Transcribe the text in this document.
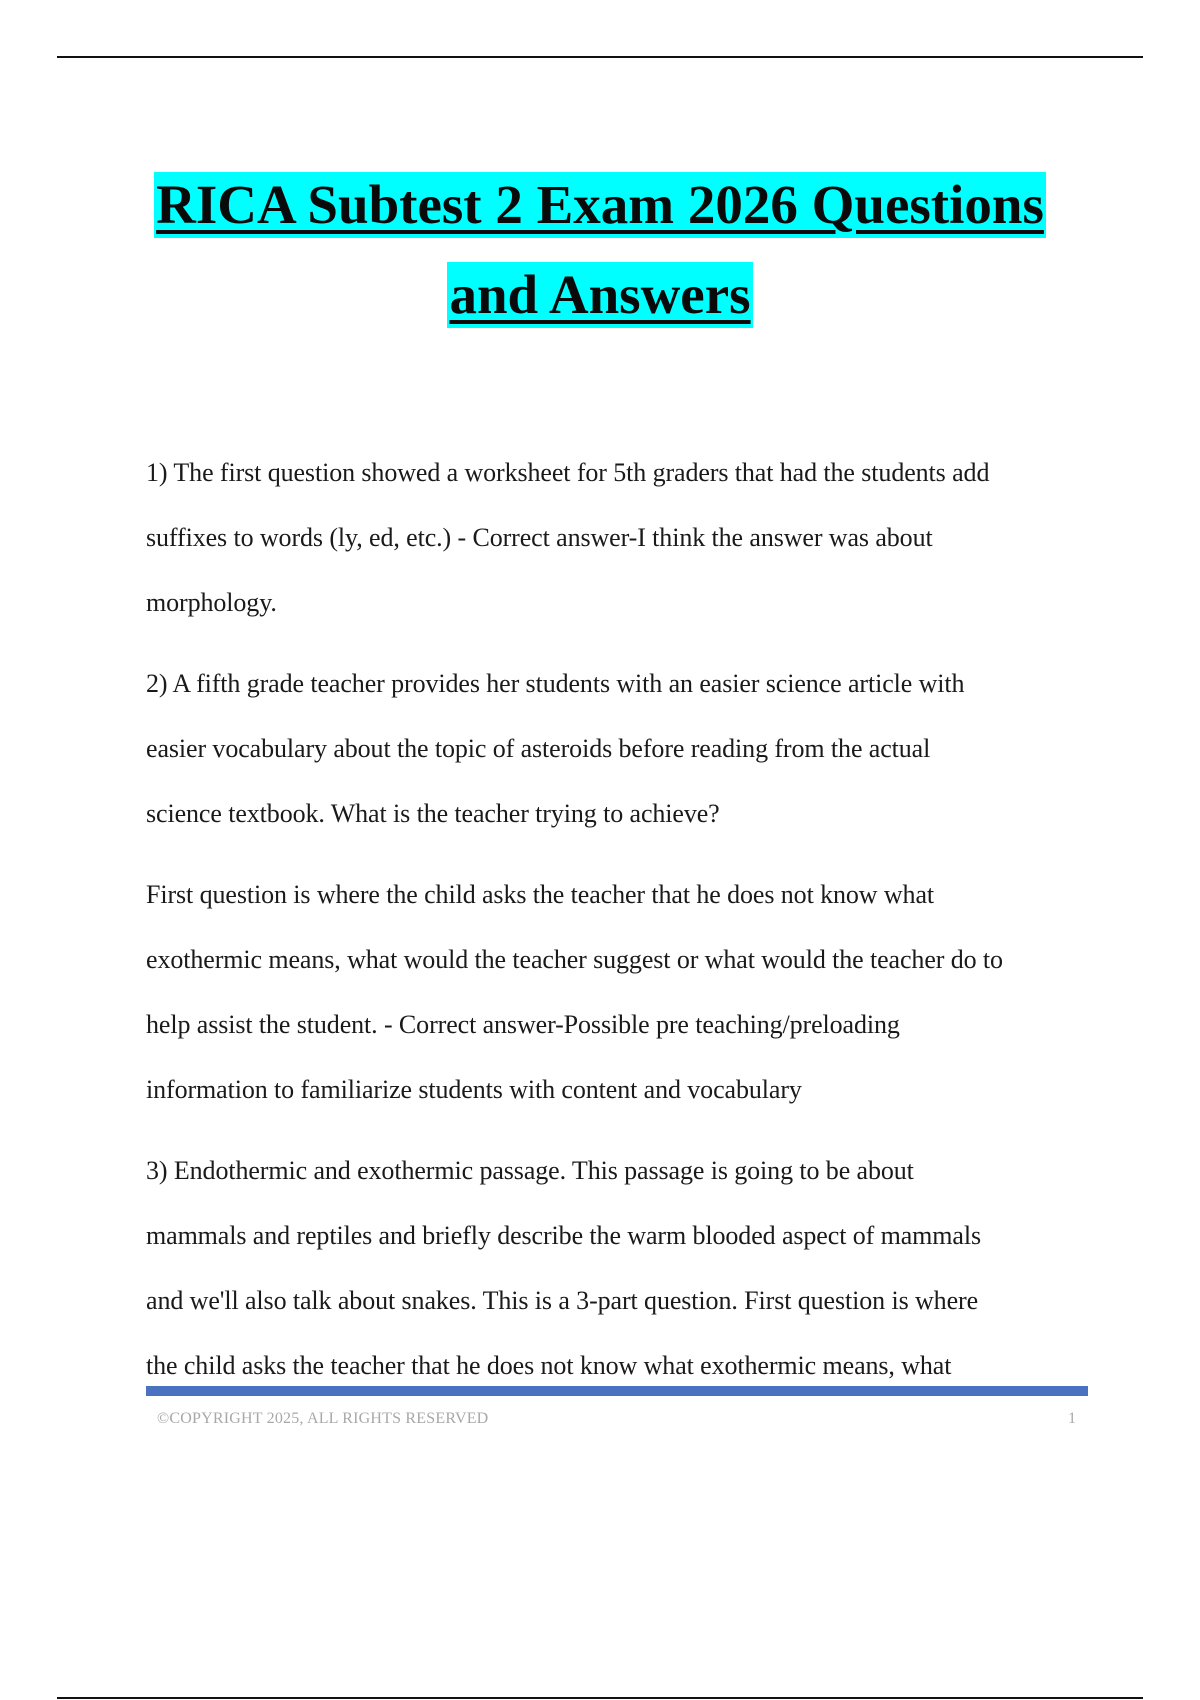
RICA Subtest 2 Exam 2026 Questions
and Answers

1) The first question showed a worksheet for 5th graders that had the students add
suffixes to words (ly, ed, etc.) - Correct answer-I think the answer was about
morphology.

2) A fifth grade teacher provides her students with an easier science article with
easier vocabulary about the topic of asteroids before reading from the actual
science textbook. What is the teacher trying to achieve?

First question is where the child asks the teacher that he does not know what
exothermic means, what would the teacher suggest or what would the teacher do to
help assist the student. - Correct answer-Possible pre teaching/preloading
information to familiarize students with content and vocabulary

3) Endothermic and exothermic passage. This passage is going to be about
mammals and reptiles and briefly describe the warm blooded aspect of mammals
and we'll also talk about snakes. This is a 3-part question. First question is where
the child asks the teacher that he does not know what exothermic means, what

©COPYRIGHT 2025, ALL RIGHTS RESERVED	1
